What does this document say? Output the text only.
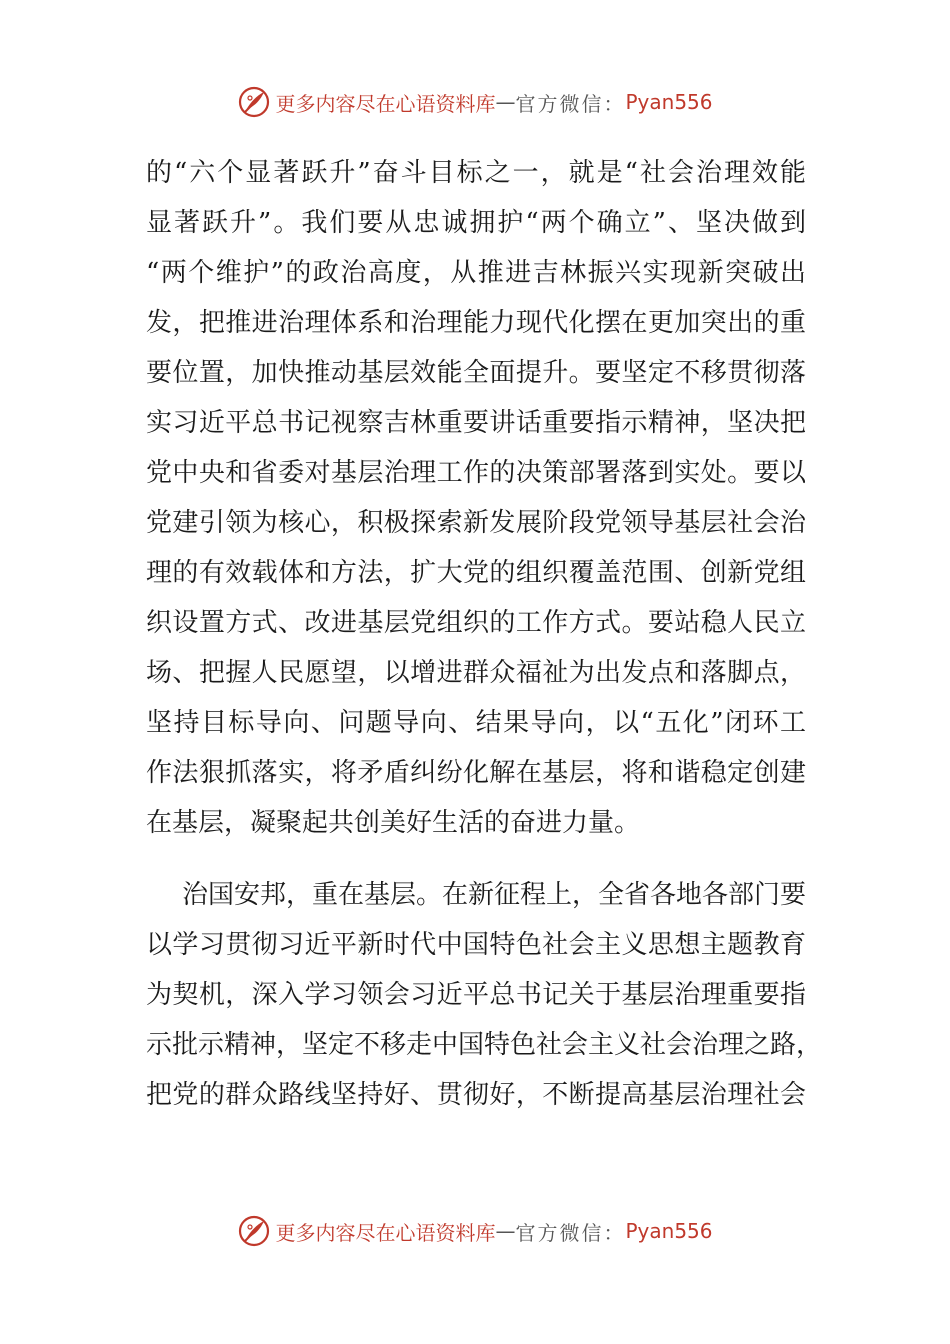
更多内容尽在心语资料库 — 官方微信： Pyan556
的“六个显著跃升”奋斗目标之一，就是“社会治理效能
显著跃升”。我们要从忠诚拥护“两个确立”、坚决做到
“两个维护”的政治高度，从推进吉林振兴实现新突破出
发，把推进治理体系和治理能力现代化摆在更加突出的重
要位置，加快推动基层效能全面提升。要坚定不移贯彻落
实习近平总书记视察吉林重要讲话重要指示精神，坚决把
党中央和省委对基层治理工作的决策部署落到实处。要以
党建引领为核心，积极探索新发展阶段党领导基层社会治
理的有效载体和方法，扩大党的组织覆盖范围、创新党组
织设置方式、改进基层党组织的工作方式。要站稳人民立
场、把握人民愿望，以增进群众福祉为出发点和落脚点，
坚持目标导向、问题导向、结果导向，以“五化”闭环工
作法狠抓落实，将矛盾纠纷化解在基层，将和谐稳定创建
在基层，凝聚起共创美好生活的奋进力量。
治国安邦，重在基层。在新征程上，全省各地各部门要
以学习贯彻习近平新时代中国特色社会主义思想主题教育
为契机，深入学习领会习近平总书记关于基层治理重要指
示批示精神，坚定不移走中国特色社会主义社会治理之路，
把党的群众路线坚持好、贯彻好，不断提高基层治理社会
更多内容尽在心语资料库 — 官方微信： Pyan556
